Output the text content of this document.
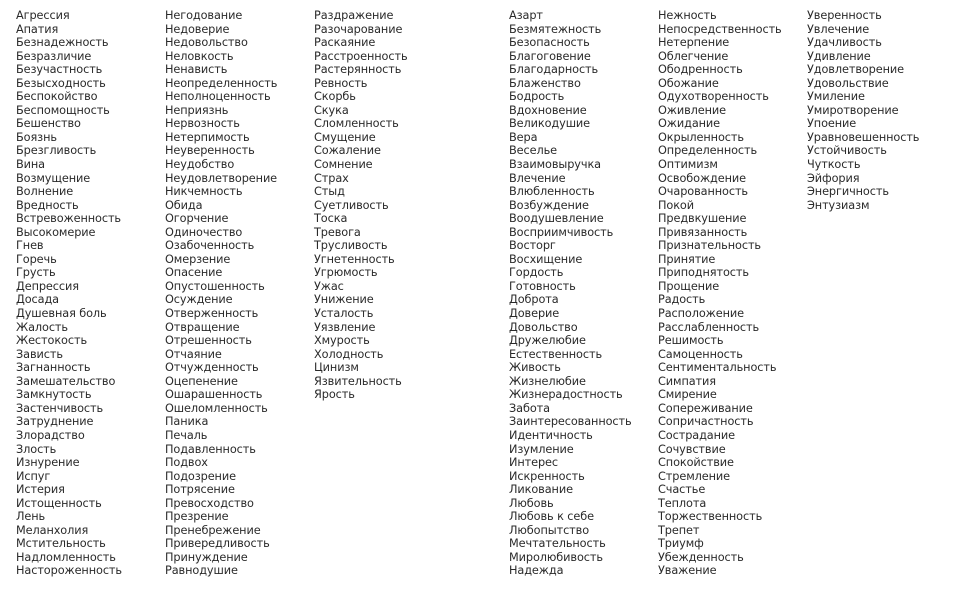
Агрессия
Апатия
Безнадежность
Безразличие
Безучастность
Безысходность
Беспокойство
Беспомощность
Бешенство
Боязнь
Брезгливость
Вина
Возмущение
Волнение
Вредность
Встревоженность
Высокомерие
Гнев
Горечь
Грусть
Депрессия
Досада
Душевная боль
Жалость
Жестокость
Зависть
Загнанность
Замешательство
Замкнутость
Застенчивость
Затруднение
Злорадство
Злость
Изнурение
Испуг
Истерия
Истощенность
Лень
Меланхолия
Мстительность
Надломленность
Настороженность
Негодование
Недоверие
Недовольство
Неловкость
Ненависть
Неопределенность
Неполноценность
Неприязнь
Нервозность
Нетерпимость
Неуверенность
Неудобство
Неудовлетворение
Никчемность
Обида
Огорчение
Одиночество
Озабоченность
Омерзение
Опасение
Опустошенность
Осуждение
Отверженность
Отвращение
Отрешенность
Отчаяние
Отчужденность
Оцепенение
Ошарашенность
Ошеломленность
Паника
Печаль
Подавленность
Подвох
Подозрение
Потрясение
Превосходство
Презрение
Пренебрежение
Привередливость
Принуждение
Равнодушие
Раздражение
Разочарование
Раскаяние
Расстроенность
Растерянность
Ревность
Скорбь
Скука
Сломленность
Смущение
Сожаление
Сомнение
Страх
Стыд
Суетливость
Тоска
Тревога
Трусливость
Угнетенность
Угрюмость
Ужас
Унижение
Усталость
Уязвление
Хмурость
Холодность
Цинизм
Язвительность
Ярость
Азарт
Безмятежность
Безопасность
Благоговение
Благодарность
Блаженство
Бодрость
Вдохновение
Великодушие
Вера
Веселье
Взаимовыручка
Влечение
Влюбленность
Возбуждение
Воодушевление
Восприимчивость
Восторг
Восхищение
Гордость
Готовность
Доброта
Доверие
Довольство
Дружелюбие
Естественность
Живость
Жизнелюбие
Жизнерадостность
Забота
Заинтересованность
Идентичность
Изумление
Интерес
Искренность
Ликование
Любовь
Любовь к себе
Любопытство
Мечтательность
Миролюбивость
Надежда
Нежность
Непосредственность
Нетерпение
Облегчение
Ободренность
Обожание
Одухотворенность
Оживление
Ожидание
Окрыленность
Определенность
Оптимизм
Освобождение
Очарованность
Покой
Предвкушение
Привязанность
Признательность
Принятие
Приподнятость
Прощение
Радость
Расположение
Расслабленность
Решимость
Самоценность
Сентиментальность
Симпатия
Смирение
Сопереживание
Сопричастность
Сострадание
Сочувствие
Спокойствие
Стремление
Счастье
Теплота
Торжественность
Трепет
Триумф
Убежденность
Уважение
Уверенность
Увлечение
Удачливость
Удивление
Удовлетворение
Удовольствие
Умиление
Умиротворение
Упоение
Уравновешенность
Устойчивость
Чуткость
Эйфория
Энергичность
Энтузиазм
